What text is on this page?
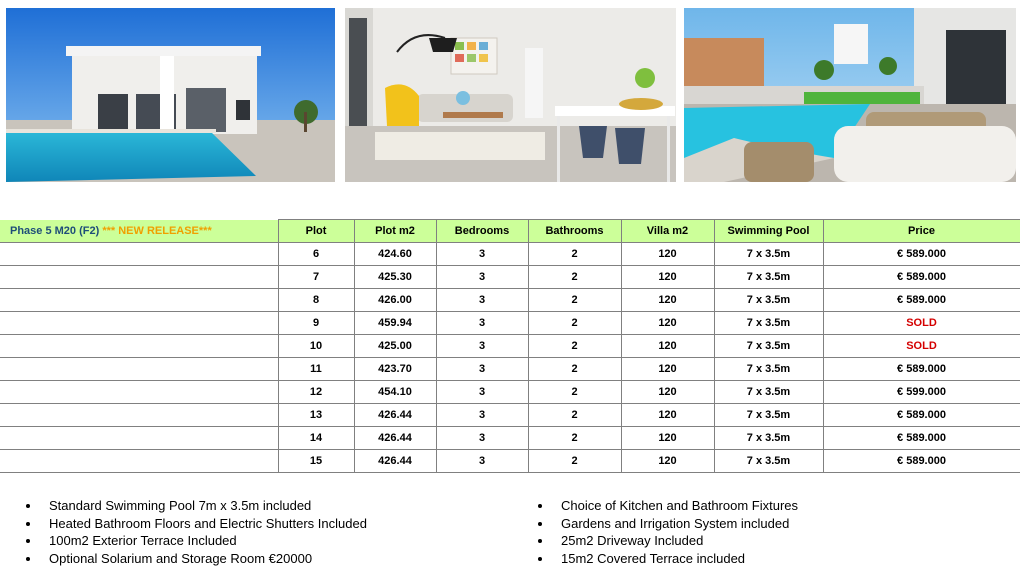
Phase 5 M20 (F2) *** NEW RELEASE***	Plot	Plot m2	Bedrooms	Bathrooms	Villa m2	Swimming Pool	Price
	6	424.60	3	2	120	7 x 3.5m	€ 589.000
	7	425.30	3	2	120	7 x 3.5m	€ 589.000
	8	426.00	3	2	120	7 x 3.5m	€ 589.000
	9	459.94	3	2	120	7 x 3.5m	SOLD
	10	425.00	3	2	120	7 x 3.5m	SOLD
	11	423.70	3	2	120	7 x 3.5m	€ 589.000
	12	454.10	3	2	120	7 x 3.5m	€ 599.000
	13	426.44	3	2	120	7 x 3.5m	€ 589.000
	14	426.44	3	2	120	7 x 3.5m	€ 589.000
	15	426.44	3	2	120	7 x 3.5m	€ 589.000
Standard Swimming Pool 7m x 3.5m included
Heated Bathroom Floors and Electric Shutters Included
100m2 Exterior Terrace Included
Optional Solarium and Storage Room €20000
Choice of Kitchen and Bathroom Fixtures
Gardens and Irrigation System included
25m2 Driveway Included
15m2 Covered Terrace included
